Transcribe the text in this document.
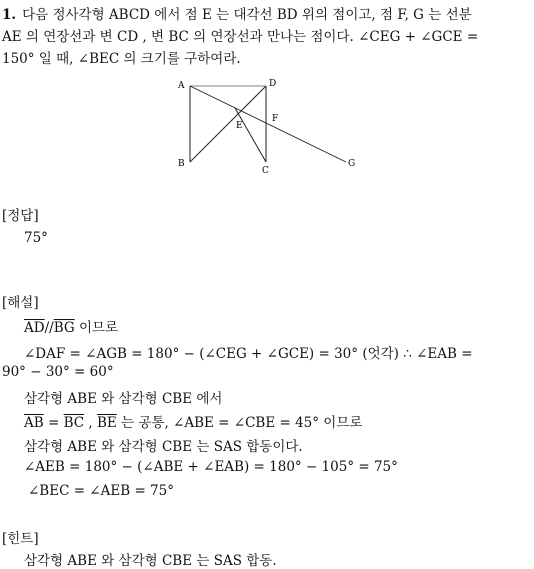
1. 다음 정사각형 ABCD 에서 점 E 는 대각선 BD 위의 점이고, 점 F, G 는 선분
AE 의 연장선과 변 CD , 변 BC 의 연장선과 만나는 점이다. ∠CEG + ∠GCE =
150° 일 때, ∠BEC 의 크기를 구하여라.
A
B
C
D
E
F
G
[정답]
75°
[해설]
$\overline{AD}//\overline{BG}$ 이므로
∠DAF = ∠AGB = 180° − (∠CEG + ∠GCE) = 30° (엇각) ∴ ∠EAB =
90° − 30° = 60°
삼각형 ABE 와 삼각형 CBE 에서
$\overline{AB} = \overline{BC}$ , $\overline{BE}$ 는 공통, ∠ABE = ∠CBE = 45° 이므로
삼각형 ABE 와 삼각형 CBE 는 SAS 합동이다.
∠AEB = 180° − (∠ABE + ∠EAB) = 180° − 105° = 75°
∠BEC = ∠AEB = 75°
[힌트]
삼각형 ABE 와 삼각형 CBE 는 SAS 합동.
